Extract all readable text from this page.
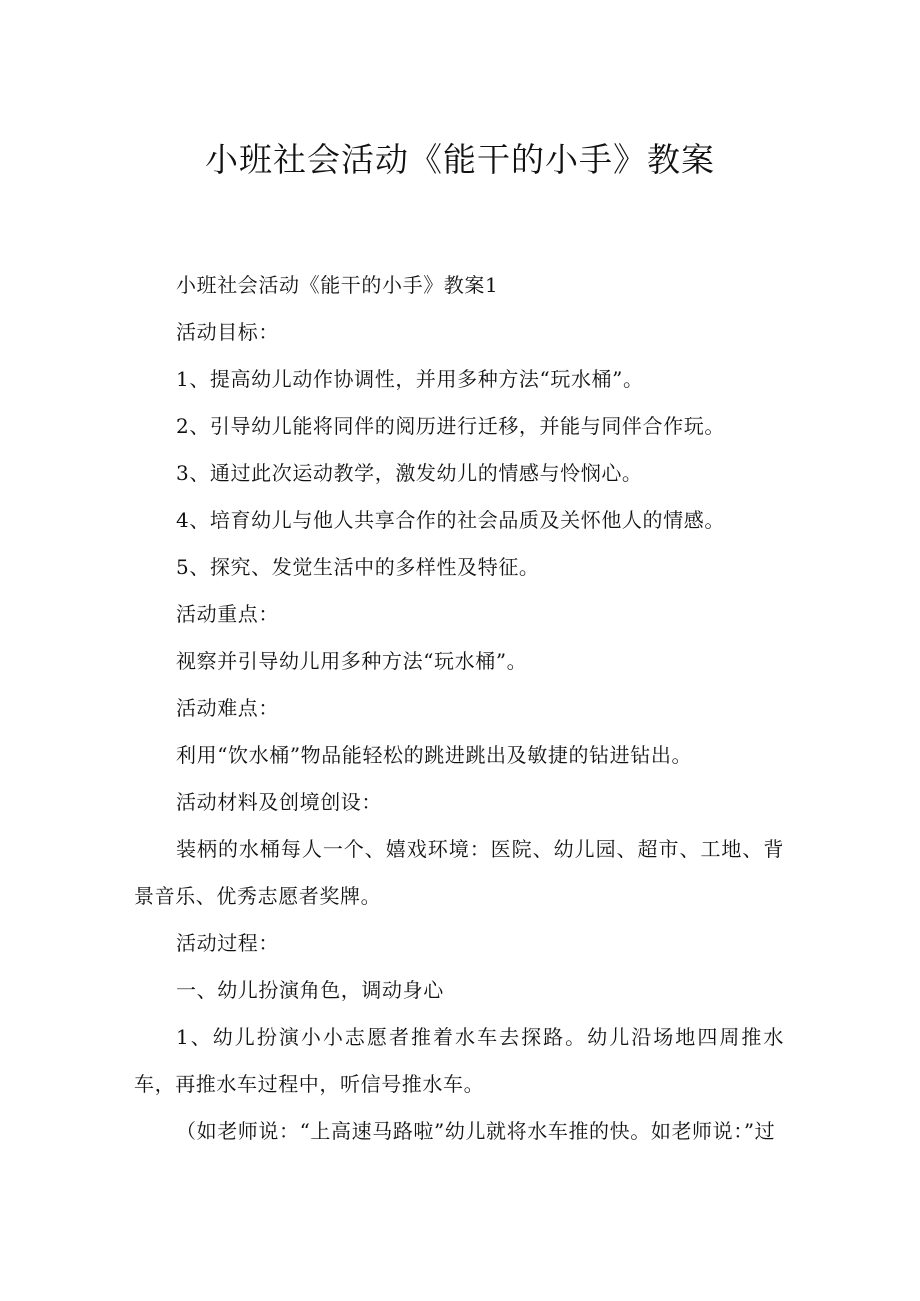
小班社会活动《能干的小手》教案

小班社会活动《能干的小手》教案1

活动目标：

1、提高幼儿动作协调性，并用多种方法“玩水桶”。

2、引导幼儿能将同伴的阅历进行迁移，并能与同伴合作玩。

3、通过此次运动教学，激发幼儿的情感与怜悯心。

4、培育幼儿与他人共享合作的社会品质及关怀他人的情感。

5、探究、发觉生活中的多样性及特征。

活动重点：

视察并引导幼儿用多种方法“玩水桶”。

活动难点：

利用“饮水桶”物品能轻松的跳进跳出及敏捷的钻进钻出。

活动材料及创境创设：

装柄的水桶每人一个、嬉戏环境：医院、幼儿园、超市、工地、背景音乐、优秀志愿者奖牌。

活动过程：

一、幼儿扮演角色，调动身心

1、幼儿扮演小小志愿者推着水车去探路。幼儿沿场地四周推水车，再推水车过程中，听信号推水车。

（如老师说：“上高速马路啦”幼儿就将水车推的快。如老师说：”过
